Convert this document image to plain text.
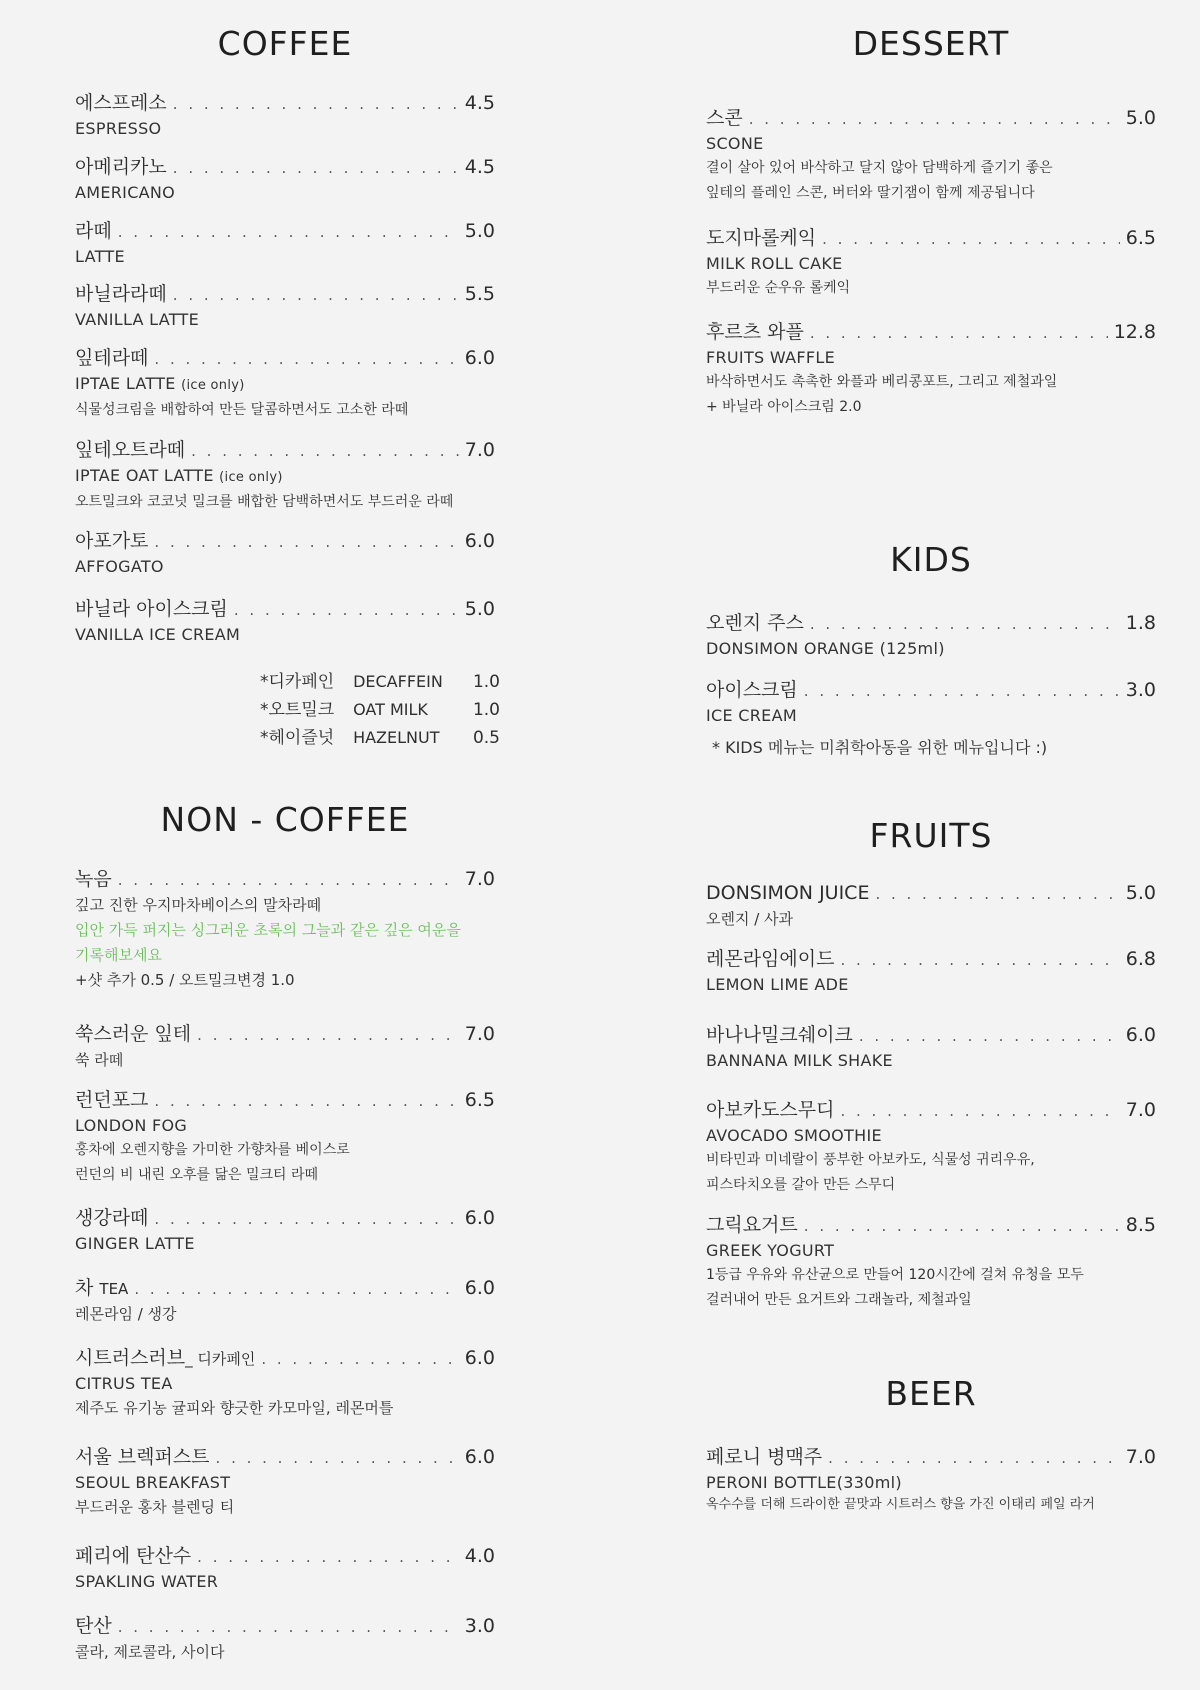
COFFEE
에스프레소 . . .	4.5
ESPRESSO
아메리카노 . . .	4.5
AMERICANO
라떼 . . .	5.0
LATTE
바닐라라떼 . . .	5.5
VANILLA LATTE
잎테라떼 . . .	6.0
IPTAE LATTE (ice only)
식물성크림을 배합하여 만든 달콤하면서도 고소한 라떼
잎테오트라떼 . . .	7.0
IPTAE OAT LATTE (ice only)
오트밀크와 코코넛 밀크를 배합한 담백하면서도 부드러운 라떼
아포가토 . . .	6.0
AFFOGATO
바닐라 아이스크림 . . .	5.0
VANILLA ICE CREAM
*디카페인	DECAFFEIN	1.0
*오트밀크	OAT MILK	1.0
*헤이즐넛	HAZELNUT	0.5
NON - COFFEE
녹음 . . .	7.0
깊고 진한 우지마차베이스의 말차라떼
입안 가득 퍼지는 싱그러운 초록의 그늘과 같은 깊은 여운을
기록해보세요
+샷 추가 0.5 / 오트밀크변경 1.0
쑥스러운 잎테 . . .	7.0
쑥 라떼
런던포그 . . .	6.5
LONDON FOG
홍차에 오렌지향을 가미한 가향차를 베이스로
런던의 비 내린 오후를 닮은 밀크티 라떼
생강라떼 . . .	6.0
GINGER LATTE
차 TEA . . .	6.0
레몬라임 / 생강
시트러스러브_ 디카페인 . . .	6.0
CITRUS TEA
제주도 유기농 귤피와 향긋한 카모마일, 레몬머틀
서울 브렉퍼스트 . . .	6.0
SEOUL BREAKFAST
부드러운 홍차 블렌딩 티
페리에 탄산수 . . .	4.0
SPAKLING WATER
탄산 . . .	3.0
콜라, 제로콜라, 사이다
DESSERT
스콘 . . .	5.0
SCONE
결이 살아 있어 바삭하고 달지 않아 담백하게 즐기기 좋은
잎테의 플레인 스콘, 버터와 딸기잼이 함께 제공됩니다
도지마롤케익 . . .	6.5
MILK ROLL CAKE
부드러운 순우유 롤케익
후르츠 와플 . . .	12.8
FRUITS WAFFLE
바삭하면서도 촉촉한 와플과 베리콩포트, 그리고 제철과일
+ 바닐라 아이스크림 2.0
KIDS
오렌지 주스 . . .	1.8
DONSIMON ORANGE (125ml)
아이스크림 . . .	3.0
ICE CREAM
* KIDS 메뉴는 미취학아동을 위한 메뉴입니다 :)
FRUITS
DONSIMON JUICE . . .	5.0
오렌지 / 사과
레몬라임에이드 . . .	6.8
LEMON LIME ADE
바나나밀크쉐이크 . . .	6.0
BANNANA MILK SHAKE
아보카도스무디 . . .	7.0
AVOCADO SMOOTHIE
비타민과 미네랄이 풍부한 아보카도, 식물성 귀리우유,
피스타치오를 갈아 만든 스무디
그릭요거트 . . .	8.5
GREEK YOGURT
1등급 우유와 유산균으로 만들어 120시간에 걸쳐 유청을 모두
걸러내어 만든 요거트와 그래놀라, 제철과일
BEER
페로니 병맥주 . . .	7.0
PERONI BOTTLE(330ml)
옥수수를 더해 드라이한 끝맛과 시트러스 향을 가진 이태리 페일 라거
